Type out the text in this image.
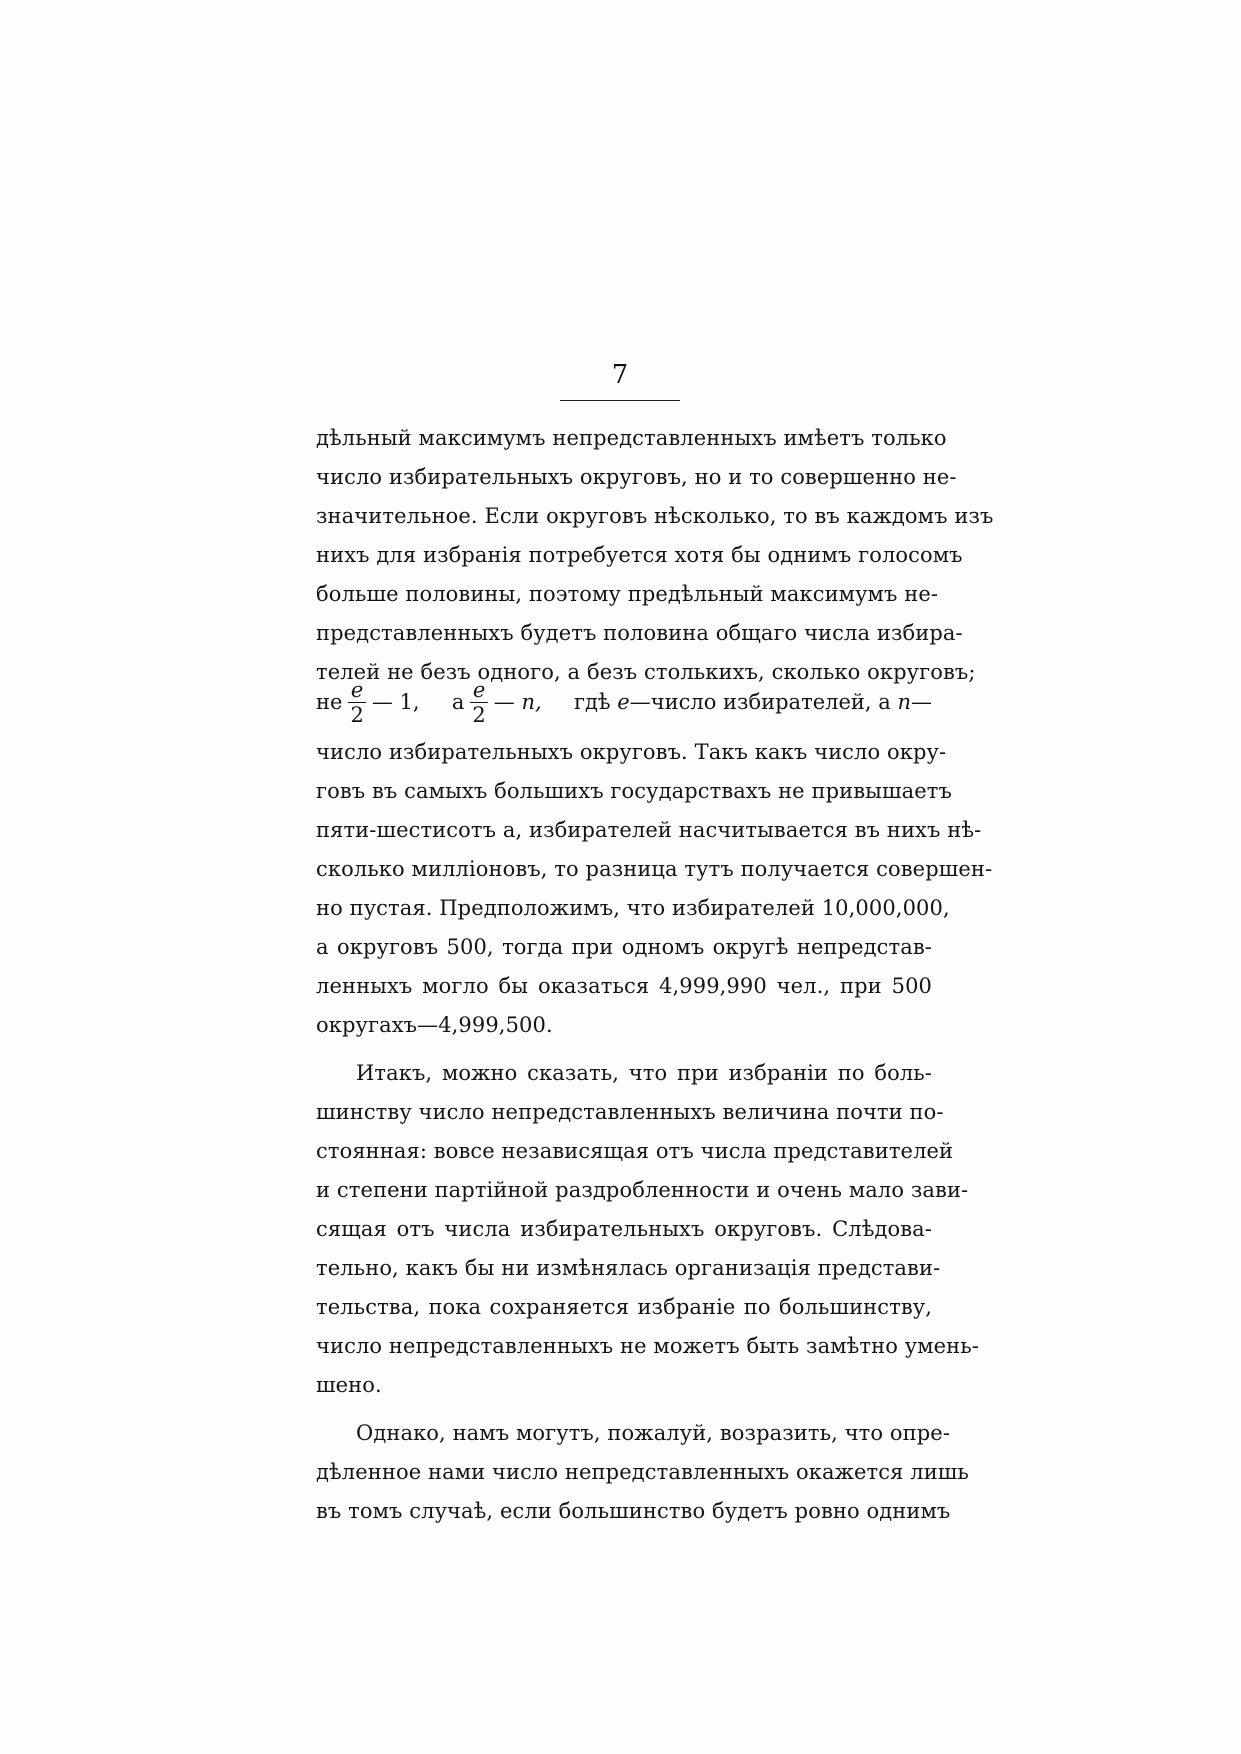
7
дѣльный максимумъ непредставленныхъ имѣетъ только
число избирательныхъ округовъ, но и то совершенно не-
значительное. Если округовъ нѣсколько, то въ каждомъ изъ
нихъ для избранія потребуется хотя бы однимъ голосомъ
больше половины, поэтому предѣльный максимумъ не-
представленныхъ будетъ половина общаго числа избира-
телей не безъ одного, а безъ столькихъ, сколько округовъ;
не $\frac{e}{2}$ — 1, а $\frac{e}{2}$ — n, гдѣ
e —число избирателей, а
n —
число избирательныхъ округовъ. Такъ какъ число окру-
говъ въ самыхъ большихъ государствахъ не привышаетъ
пяти-шестисотъ а, избирателей насчитывается въ нихъ нѣ-
сколько милліоновъ, то разница тутъ получается совершен-
но пустая. Предположимъ, что избирателей 10,000,000,
а округовъ 500, тогда при одномъ округѣ непредстав-
ленныхъ могло бы оказаться 4,999,990 чел., при 500
округахъ—4,999,500.
Итакъ, можно сказать, что при избраніи по боль-
шинству число непредставленныхъ величина почти по-
стоянная: вовсе независящая отъ числа представителей
и степени партійной раздробленности и очень мало зави-
сящая отъ числа избирательныхъ округовъ. Слѣдова-
тельно, какъ бы ни измѣнялась организація представи-
тельства, пока сохраняется избраніе по большинству,
число непредставленныхъ не можетъ быть замѣтно умень-
шено.
Однако, намъ могутъ, пожалуй, возразить, что опре-
дѣленное нами число непредставленныхъ окажется лишь
въ томъ случаѣ, если большинство будетъ ровно однимъ
